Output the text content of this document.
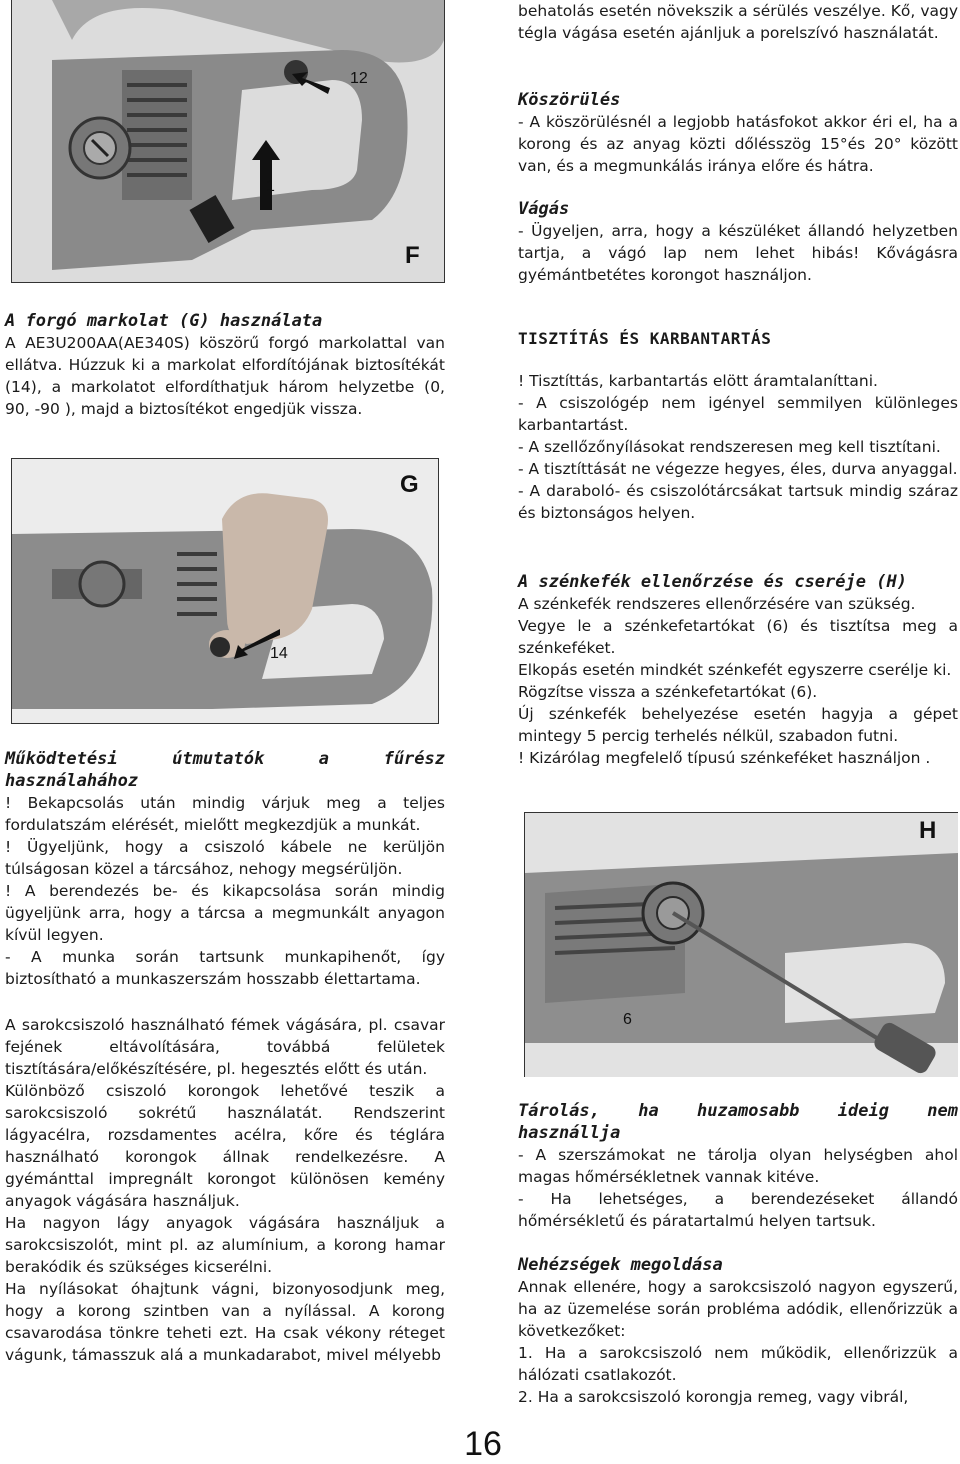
12
1
F

A forgó markolat (G) használata

A AE3U200AA(AE340S) köszörű forgó markolattal van ellátva. Húzzuk ki a markolat elfordítójának biztosítékát (14), a markolatot elfordíthatjuk három helyzetbe (0, 90, -90 ), majd a biztosítékot engedjük vissza.

G
14

Működtetési útmutatók a fűrész használahához

! Bekapcsolás után mindig várjuk meg a teljes fordulatszám elérését, mielőtt megkezdjük a munkát.

! Ügyeljünk, hogy a csiszoló kábele ne kerüljön túlságosan közel a tárcsához, nehogy megsérüljön.

! A berendezés be- és kikapcsolása során mindig ügyeljünk arra, hogy a tárcsa a megmunkált anyagon kívül legyen.

- A munka során tartsunk munkapihenőt, így biztosítható a munkaszerszám hosszabb élettartama.

A sarokcsiszoló használható fémek vágására, pl. csavar fejének eltávolítására, továbbá felületek tisztítására/előkészítésére, pl. hegesztés előtt és után.

Különböző csiszoló korongok lehetővé teszik a sarokcsiszoló sokrétű használatát. Rendszerint lágyacélra, rozsdamentes acélra, kőre és téglára használható korongok állnak rendelkezésre. A gyémánttal impregnált korongot különösen kemény anyagok vágására használjuk.

Ha nagyon lágy anyagok vágására használjuk a sarokcsiszolót, mint pl. az alumínium, a korong hamar berakódik és szükséges kicserélni.

Ha nyílásokat óhajtunk vágni, bizonyosodjunk meg, hogy a korong szintben van a nyílással. A korong csavarodása tönkre teheti ezt. Ha csak vékony réteget vágunk, támasszuk alá a munkadarabot, mivel mélyebb

behatolás esetén növekszik a sérülés veszélye. Kő, vagy tégla vágása esetén ajánljuk a porelszívó használatát.

Köszörülés

- A köszörülésnél a legjobb hatásfokot akkor éri el, ha a korong és az anyag közti dőlésszög 15°és 20° között van, és a megmunkálás iránya előre és hátra.

Vágás

- Ügyeljen, arra, hogy a készüléket állandó helyzetben tartja, a vágó lap nem lehet hibás! Kővágásra gyémántbetétes korongot használjon.

TISZTÍTÁS ÉS KARBANTARTÁS

! Tisztíttás, karbantartás elött áramtalaníttani.

- A csiszológép nem igényel semmilyen különleges karbantartást.

- A szellőzőnyílásokat rendszeresen meg kell tisztítani.

- A tisztíttását ne végezze hegyes, éles, durva anyaggal.

- A daraboló- és csiszolótárcsákat tartsuk mindig száraz és biztonságos helyen.

A szénkefék ellenőrzése és cseréje (H)

A szénkefék rendszeres ellenőrzésére van szükség.

Vegye le a szénkefetartókat (6) és tisztítsa meg a szénkeféket.

Elkopás esetén mindkét szénkefét egyszerre cserélje ki.

Rögzítse vissza a szénkefetartókat (6).

Új szénkefék behelyezése esetén hagyja a gépet mintegy 5 percig terhelés nélkül, szabadon futni.

! Kizárólag megfelelő típusú szénkeféket használjon .

H
6

Tárolás, ha huzamosabb ideig nem használlja

- A szerszámokat ne tárolja olyan helységben ahol magas hőmérsékletnek vannak kitéve.

- Ha lehetséges, a berendezéseket állandó hőmérsékletű és páratartalmú helyen tartsuk.

Nehézségek megoldása

Annak ellenére, hogy a sarokcsiszoló nagyon egyszerű, ha az üzemelése során probléma adódik, ellenőrizzük a következőket:

1. Ha a sarokcsiszoló nem működik, ellenőrizzük a hálózati csatlakozót.

2. Ha a sarokcsiszoló korongja remeg, vagy vibrál,

16
